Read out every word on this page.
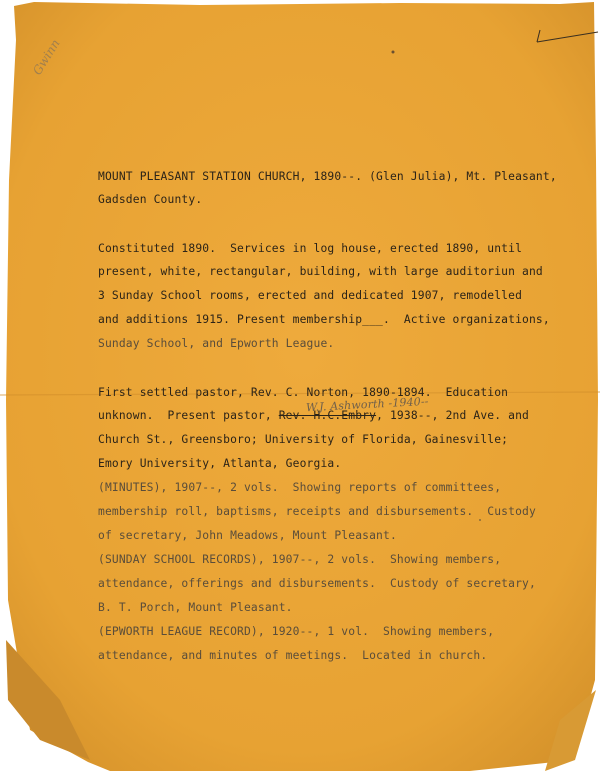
Gwinn
MOUNT PLEASANT STATION CHURCH, 1890--. (Glen Julia), Mt. Pleasant,
Gadsden County.
Constituted 1890.  Services in log house, erected 1890, until
present, white, rectangular, building, with large auditoriun and
3 Sunday School rooms, erected and dedicated 1907, remodelled
and additions 1915. Present membership___.  Active organizations,
Sunday School, and Epworth League.
First settled pastor, Rev. C. Norton, 1890-1894.  Education
unknown.  Present pastor, Rev. H.C.Embry, 1938--, 2nd Ave. and
W.J. Ashworth -1940--
Church St., Greensboro; University of Florida, Gainesville;
Emory University, Atlanta, Georgia.
(MINUTES), 1907--, 2 vols.  Showing reports of committees,
membership roll, baptisms, receipts and disbursements.  Custody
of secretary, John Meadows, Mount Pleasant.
(SUNDAY SCHOOL RECORDS), 1907--, 2 vols.  Showing members,
attendance, offerings and disbursements.  Custody of secretary,
B. T. Porch, Mount Pleasant.
(EPWORTH LEAGUE RECORD), 1920--, 1 vol.  Showing members,
attendance, and minutes of meetings.  Located in church.
